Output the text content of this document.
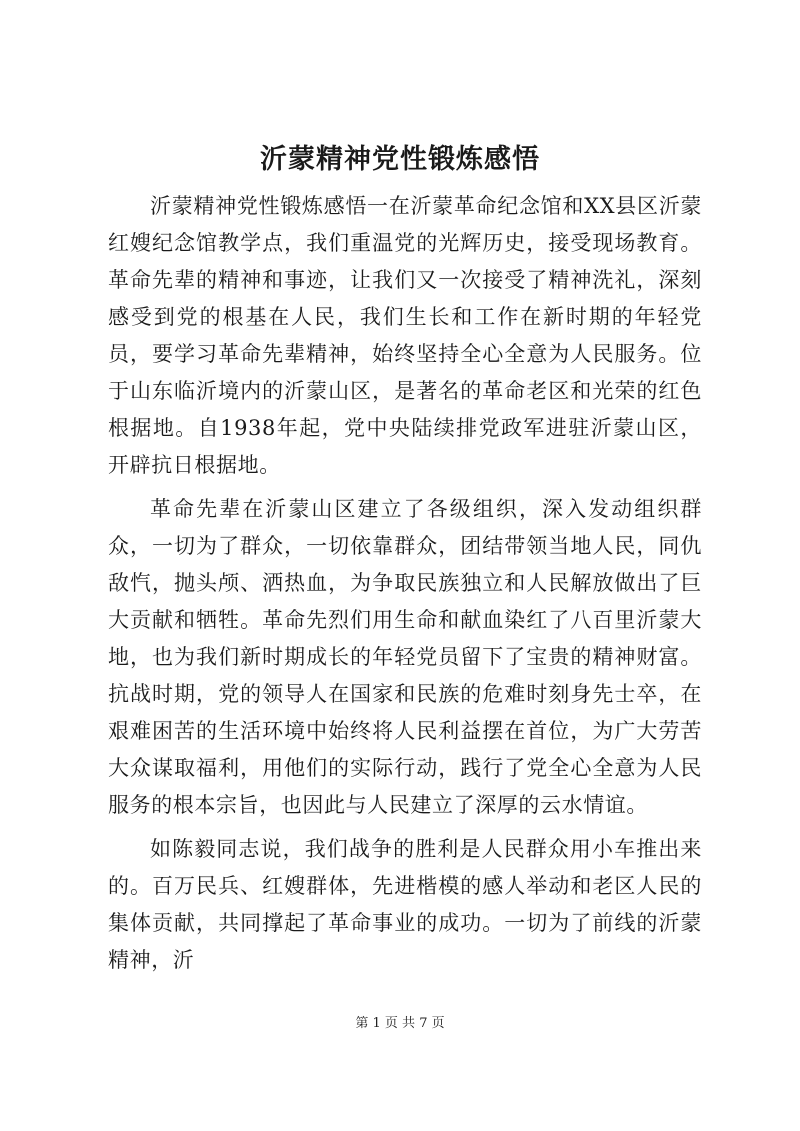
沂蒙精神党性锻炼感悟

沂蒙精神党性锻炼感悟一在沂蒙革命纪念馆和XX县区沂蒙红嫂纪念馆教学点，我们重温党的光辉历史，接受现场教育。革命先辈的精神和事迹，让我们又一次接受了精神洗礼，深刻感受到党的根基在人民，我们生长和工作在新时期的年轻党员，要学习革命先辈精神，始终坚持全心全意为人民服务。位于山东临沂境内的沂蒙山区，是著名的革命老区和光荣的红色根据地。自1938年起，党中央陆续排党政军进驻沂蒙山区，开辟抗日根据地。

革命先辈在沂蒙山区建立了各级组织，深入发动组织群众，一切为了群众，一切依靠群众，团结带领当地人民，同仇敌忾，抛头颅、洒热血，为争取民族独立和人民解放做出了巨大贡献和牺牲。革命先烈们用生命和献血染红了八百里沂蒙大地，也为我们新时期成长的年轻党员留下了宝贵的精神财富。抗战时期，党的领导人在国家和民族的危难时刻身先士卒，在艰难困苦的生活环境中始终将人民利益摆在首位，为广大劳苦大众谋取福利，用他们的实际行动，践行了党全心全意为人民服务的根本宗旨，也因此与人民建立了深厚的云水情谊。

如陈毅同志说，我们战争的胜利是人民群众用小车推出来的。百万民兵、红嫂群体，先进楷模的感人举动和老区人民的集体贡献，共同撑起了革命事业的成功。一切为了前线的沂蒙精神，沂

第 1 页 共 7 页
